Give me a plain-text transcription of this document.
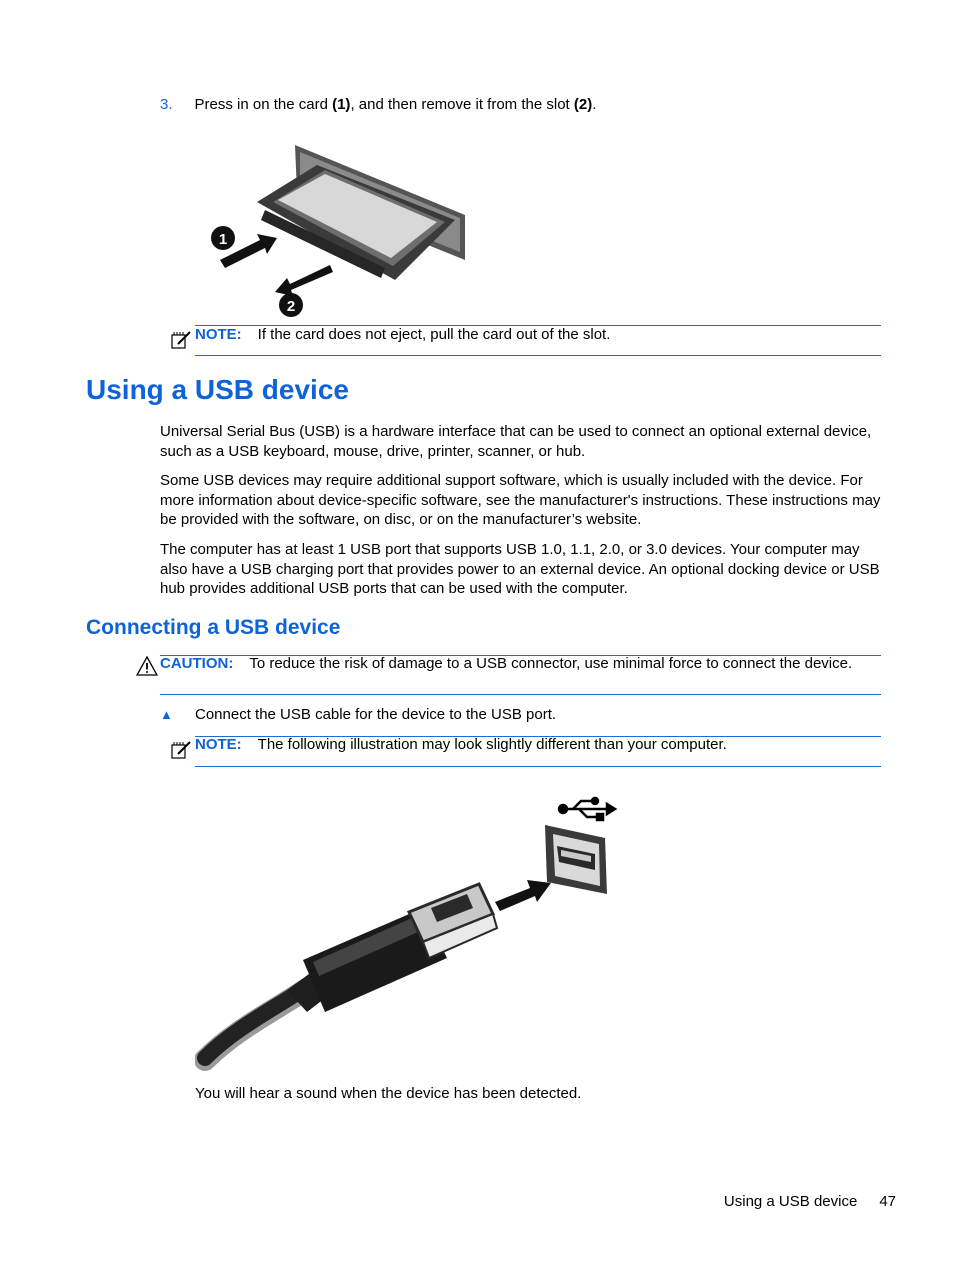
3. Press in on the card (1), and then remove it from the slot (2).
1
2
NOTE: If the card does not eject, pull the card out of the slot.
Using a USB device

Universal Serial Bus (USB) is a hardware interface that can be used to connect an optional external device, such as a USB keyboard, mouse, drive, printer, scanner, or hub.

Some USB devices may require additional support software, which is usually included with the device. For more information about device-specific software, see the manufacturer's instructions. These instructions may be provided with the software, on disc, or on the manufacturer’s website.

The computer has at least 1 USB port that supports USB 1.0, 1.1, 2.0, or 3.0 devices. Your computer may also have a USB charging port that provides power to an external device. An optional docking device or USB hub provides additional USB ports that can be used with the computer.

Connecting a USB device
CAUTION: To reduce the risk of damage to a USB connector, use minimal force to connect the device.
▲ Connect the USB cable for the device to the USB port.
NOTE: The following illustration may look slightly different than your computer.
You will hear a sound when the device has been detected.
Using a USB device 47
